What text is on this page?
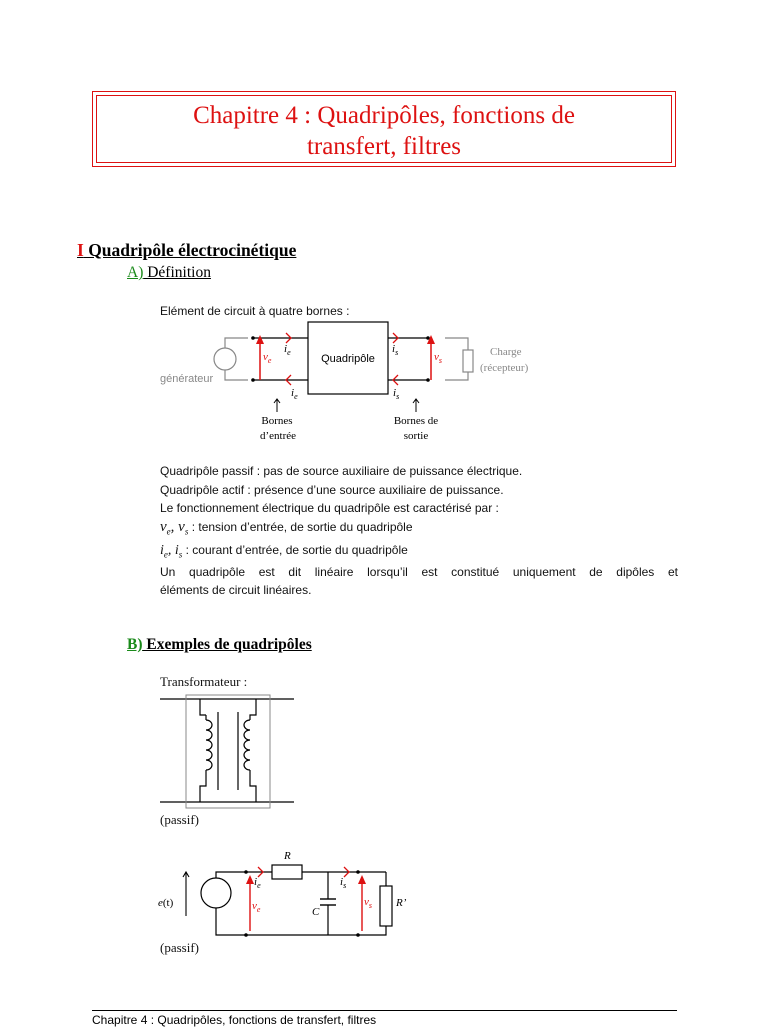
Chapitre 4 : Quadripôles, fonctions de
transfert, filtres
I Quadripôle électrocinétique
A) Définition
Elément de circuit à quatre bornes :
générateur
Quadripôle
Charge
(récepteur)
$v_e$
$i_e$
$i_e$
$i_s$
$i_s$
$v_s$
Bornes
d’entrée
Bornes de
sortie
Quadripôle passif : pas de source auxiliaire de puissance électrique.
Quadripôle actif : présence d’une source auxiliaire de puissance.
Le fonctionnement électrique du quadripôle est caractérisé par :
$v_e$, $v_s$ : tension d’entrée, de sortie du quadripôle
$i_e$, $i_s$ : courant d’entrée, de sortie du quadripôle
Un quadripôle est dit linéaire lorsqu’il est constitué uniquement de dipôles et
éléments de circuit linéaires.
B) Exemples de quadripôles
Transformateur :
(passif)
e(t)
R
C
R’
$v_e$
$i_e$	$i_s$
$v_s$
(passif)
Chapitre 4 : Quadripôles, fonctions de transfert, filtres
